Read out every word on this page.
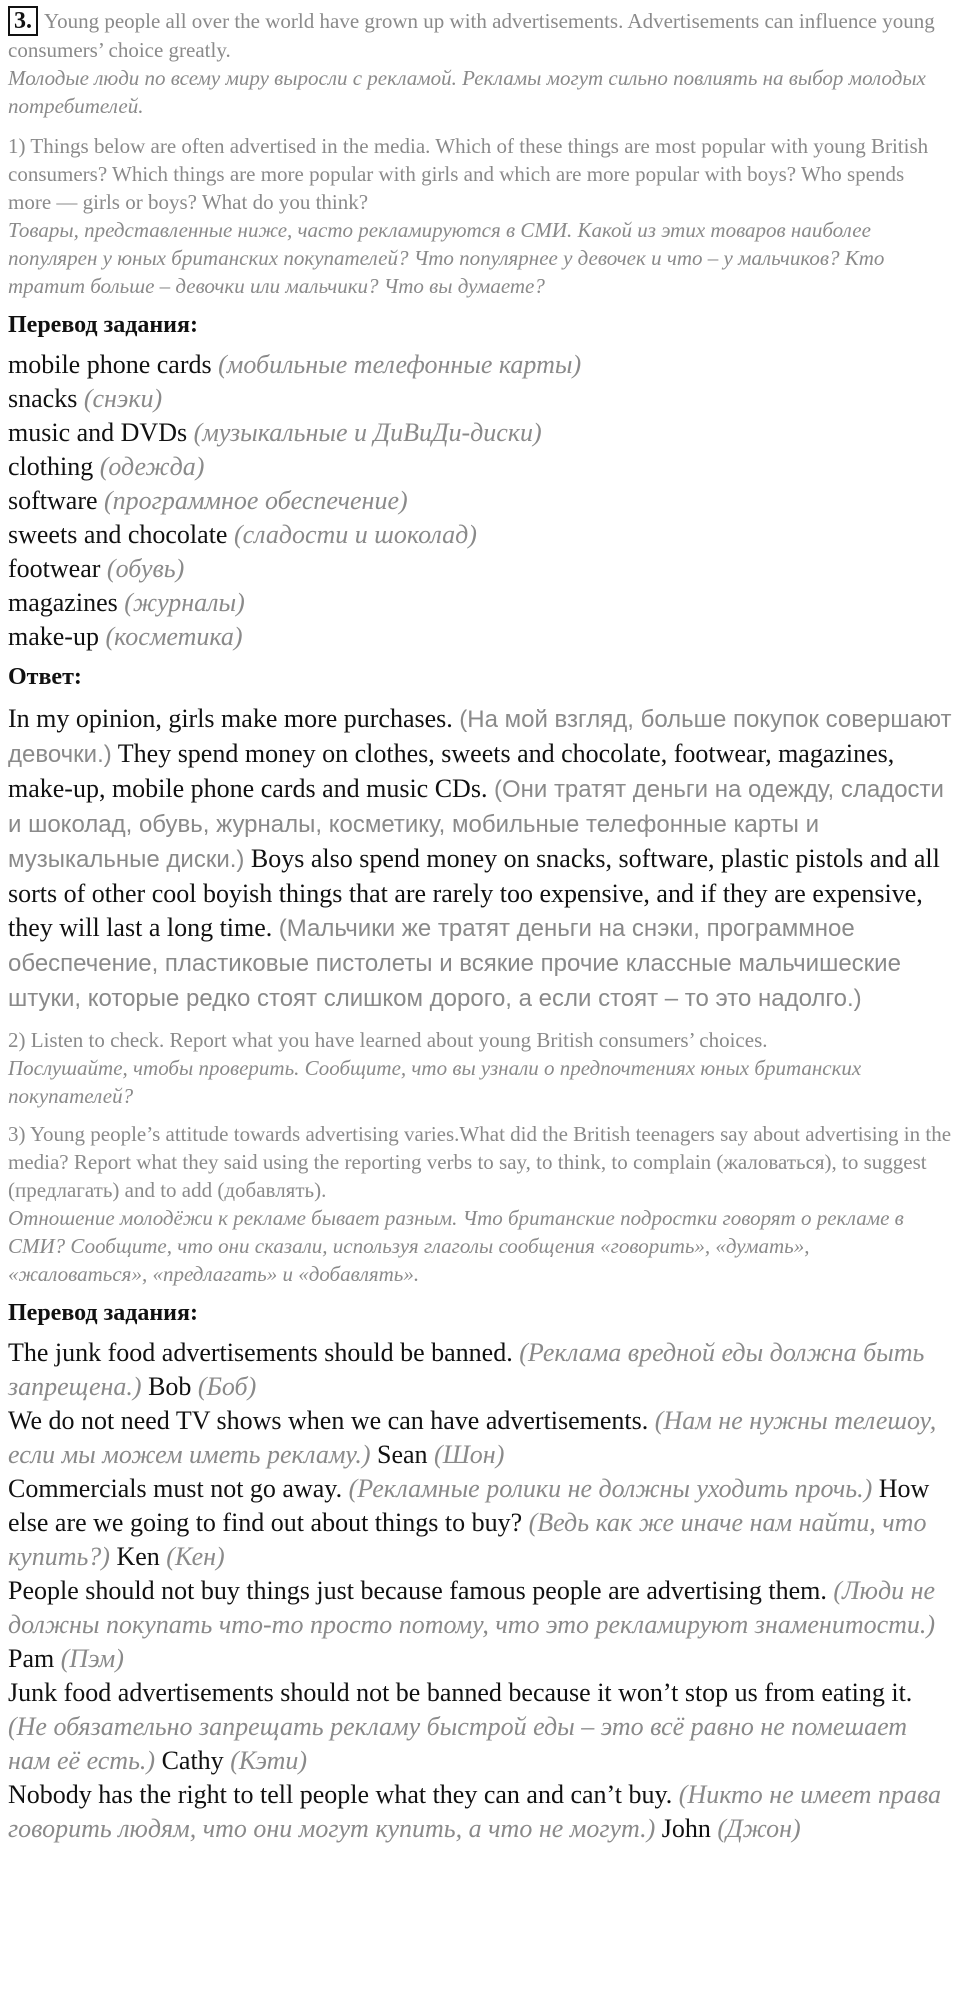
3. Young people all over the world have grown up with advertisements. Advertisements can influence young consumers’ choice greatly.

Молодые люди по всему миру выросли с рекламой. Рекламы могут сильно повлиять на выбор молодых потребителей.

1) Things below are often advertised in the media. Which of these things are most popular with young British consumers? Which things are more popular with girls and which are more popular with boys? Who spends more — girls or boys? What do you think?

Товары, представленные ниже, часто рекламируются в СМИ. Какой из этих товаров наиболее популярен у юных британских покупателей? Что популярнее у девочек и что – у мальчиков? Кто тратит больше – девочки или мальчики? Что вы думаете?

Перевод задания:

mobile phone cards (мобильные телефонные карты)
snacks (снэки)
music and DVDs (музыкальные и ДиВиДи-диски)
clothing (одежда)
software (программное обеспечение)
sweets and chocolate (сладости и шоколад)
footwear (обувь)
magazines (журналы)
make-up (косметика)

Ответ:

In my opinion, girls make more purchases. (На мой взгляд, больше покупок совершают девочки.) They spend money on clothes, sweets and chocolate, footwear, magazines, make-up, mobile phone cards and music CDs. (Они тратят деньги на одежду, сладости и шоколад, обувь, журналы, косметику, мобильные телефонные карты и музыкальные диски.) Boys also spend money on snacks, software, plastic pistols and all sorts of other cool boyish things that are rarely too expensive, and if they are expensive, they will last a long time. (Мальчики же тратят деньги на снэки, программное обеспечение, пластиковые пистолеты и всякие прочие классные мальчишеские штуки, которые редко стоят слишком дорого, а если стоят – то это надолго.)

2) Listen to check. Report what you have learned about young British consumers’ choices.

Послушайте, чтобы проверить. Сообщите, что вы узнали о предпочтениях юных британских покупателей?

3) Young people’s attitude towards advertising varies.What did the British teenagers say about advertising in the media? Report what they said using the reporting verbs to say, to think, to complain (жаловаться), to suggest (предлагать) and to add (добавлять).

Отношение молодёжи к рекламе бывает разным. Что британские подростки говорят о рекламе в СМИ? Сообщите, что они сказали, используя глаголы сообщения «говорить», «думать», «жаловаться», «предлагать» и «добавлять».

Перевод задания:

The junk food advertisements should be banned. (Реклама вредной еды должна быть запрещена.) Bob (Боб)

We do not need TV shows when we can have advertisements. (Нам не нужны телешоу, если мы можем иметь рекламу.) Sean (Шон)

Commercials must not go away. (Рекламные ролики не должны уходить прочь.) How else are we going to find out about things to buy? (Ведь как же иначе нам найти, что купить?) Ken (Кен)

People should not buy things just because famous people are advertising them. (Люди не должны покупать что-то просто потому, что это рекламируют знаменитости.) Pam (Пэм)

Junk food advertisements should not be banned because it won’t stop us from eating it. (Не обязательно запрещать рекламу быстрой еды – это всё равно не помешает нам её есть.) Cathy (Кэти)

Nobody has the right to tell people what they can and can’t buy. (Никто не имеет права говорить людям, что они могут купить, а что не могут.) John (Джон)
